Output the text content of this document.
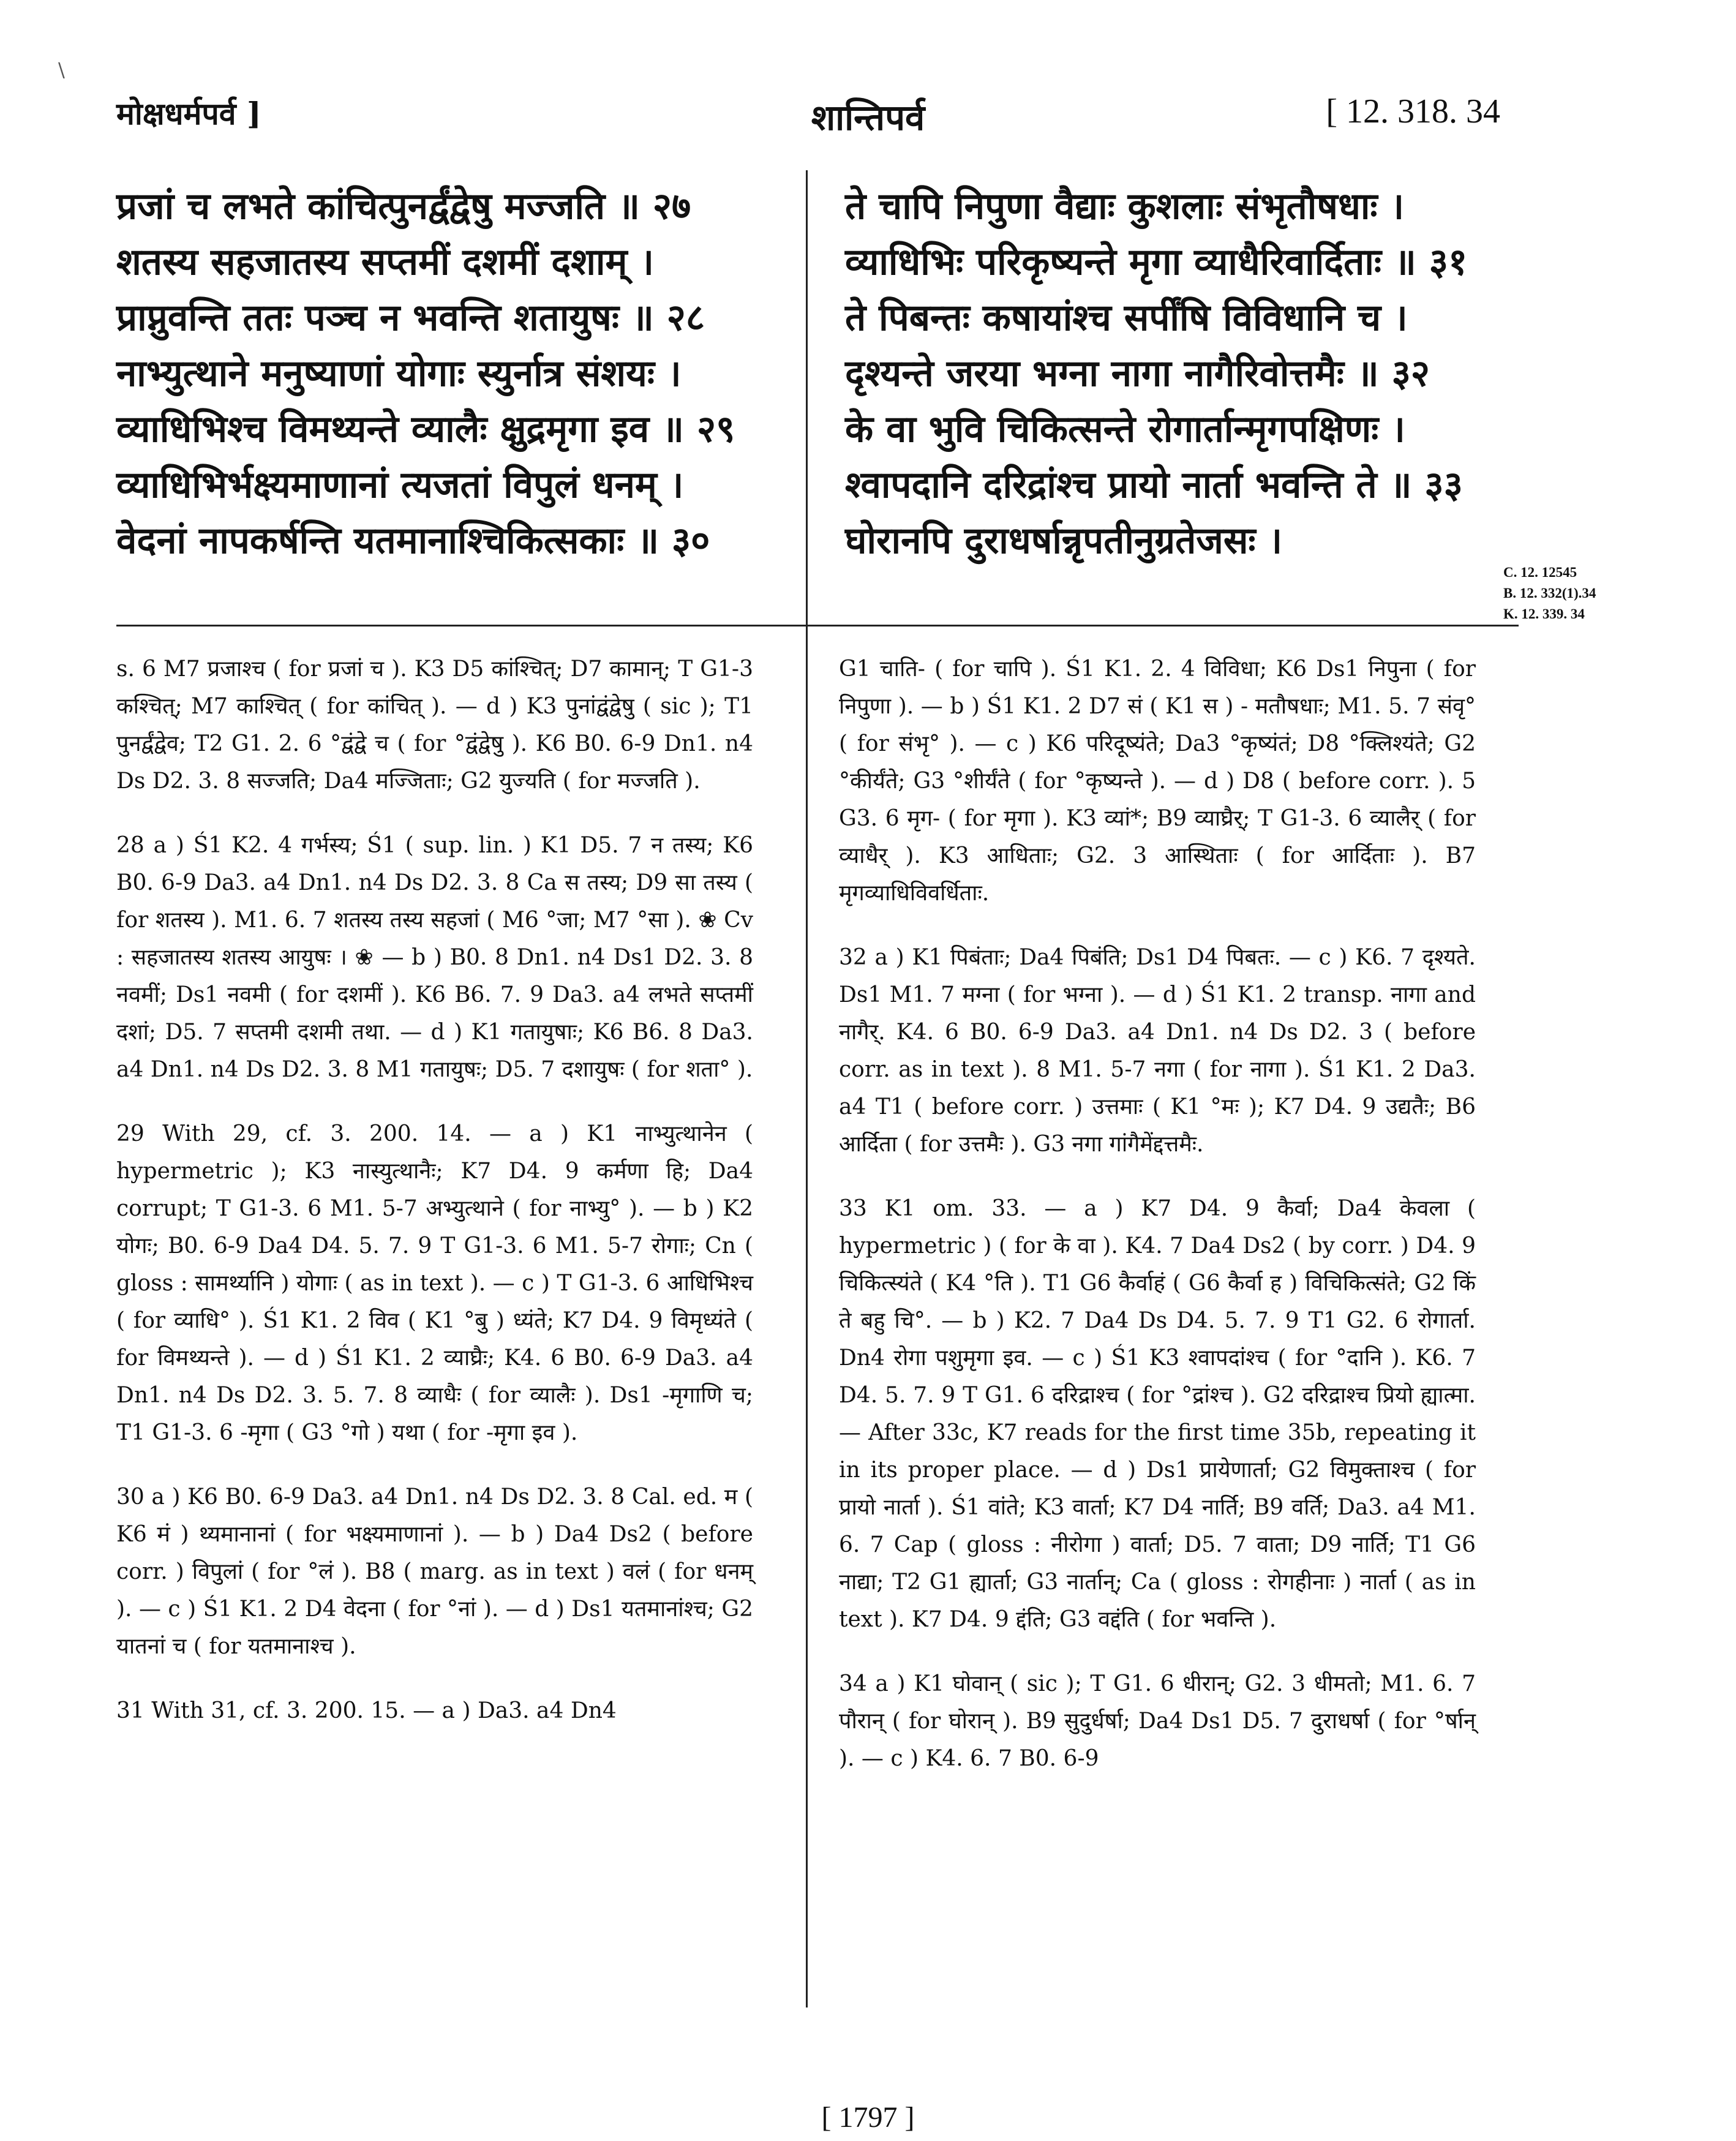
\
मोक्षधर्मपर्व ]	शान्तिपर्व	[ 12. 318. 34
प्रजां च लभते कांचित्पुनर्द्वंद्वेषु मज्जति ॥ २७
शतस्य सहजातस्य सप्तमीं दशमीं दशाम् ।
प्राप्नुवन्ति ततः पञ्च न भवन्ति शतायुषः ॥ २८
नाभ्युत्थाने मनुष्याणां योगाः स्युर्नात्र संशयः ।
व्याधिभिश्च विमथ्यन्ते व्यालैः क्षुद्रमृगा इव ॥ २९
व्याधिभिर्भक्ष्यमाणानां त्यजतां विपुलं धनम् ।
वेदनां नापकर्षन्ति यतमानाश्चिकित्सकाः ॥ ३०
ते चापि निपुणा वैद्याः कुशलाः संभृतौषधाः ।
व्याधिभिः परिकृष्यन्ते मृगा व्याधैरिवार्दिताः ॥ ३१
ते पिबन्तः कषायांश्च सर्पींषि विविधानि च ।
दृश्यन्ते जरया भग्ना नागा नागैरिवोत्तमैः ॥ ३२
के वा भुवि चिकित्सन्ते रोगार्तान्मृगपक्षिणः ।
श्वापदानि दरिद्रांश्च प्रायो नार्ता भवन्ति ते ॥ ३३
घोरानपि दुराधर्षान्नृपतीनुग्रतेजसः ।
C. 12. 12545
B. 12. 332(1).34
K. 12. 339. 34

s. 6 M7 प्रजाश्च ( for प्रजां च ). K3 D5 कांश्चित्; D7 कामान्; T G1-3 कश्चित्; M7 काश्चित् ( for कांचित् ). — d ) K3 पुनांद्वंद्वेषु ( sic ); T1 पुनर्द्वंद्वेव; T2 G1. 2. 6 °द्वंद्वे च ( for °द्वंद्वेषु ). K6 B0. 6-9 Dn1. n4 Ds D2. 3. 8 सज्जति; Da4 मज्जिताः; G2 युज्यति ( for मज्जति ).

28 a ) Ś1 K2. 4 गर्भस्य; Ś1 ( sup. lin. ) K1 D5. 7 न तस्य; K6 B0. 6-9 Da3. a4 Dn1. n4 Ds D2. 3. 8 Ca स तस्य; D9 सा तस्य ( for शतस्य ). M1. 6. 7 शतस्य तस्य सहजां ( M6 °जा; M7 °सा ). ❀ Cv : सहजातस्य शतस्य आयुषः । ❀ — b ) B0. 8 Dn1. n4 Ds1 D2. 3. 8 नवमीं; Ds1 नवमी ( for दशमीं ). K6 B6. 7. 9 Da3. a4 लभते सप्तमीं दशां; D5. 7 सप्तमी दशमी तथा. — d ) K1 गतायुषाः; K6 B6. 8 Da3. a4 Dn1. n4 Ds D2. 3. 8 M1 गतायुषः; D5. 7 दशायुषः ( for शता° ).

29 With 29, cf. 3. 200. 14. — a ) K1 नाभ्युत्थानेन ( hypermetric ); K3 नास्युत्थानैः; K7 D4. 9 कर्मणा हि; Da4 corrupt; T G1-3. 6 M1. 5-7 अभ्युत्थाने ( for नाभ्यु° ). — b ) K2 योगः; B0. 6-9 Da4 D4. 5. 7. 9 T G1-3. 6 M1. 5-7 रोगाः; Cn ( gloss : सामर्थ्यानि ) योगाः ( as in text ). — c ) T G1-3. 6 आधिभिश्च ( for व्याधि° ). Ś1 K1. 2 विव ( K1 °बु ) ध्यंते; K7 D4. 9 विमृध्यंते ( for विमथ्यन्ते ). — d ) Ś1 K1. 2 व्याघ्रैः; K4. 6 B0. 6-9 Da3. a4 Dn1. n4 Ds D2. 3. 5. 7. 8 व्याधैः ( for व्यालैः ). Ds1 -मृगाणि च; T1 G1-3. 6 -मृगा ( G3 °गो ) यथा ( for -मृगा इव ).

30 a ) K6 B0. 6-9 Da3. a4 Dn1. n4 Ds D2. 3. 8 Cal. ed. म ( K6 मं ) थ्यमानानां ( for भक्ष्यमाणानां ). — b ) Da4 Ds2 ( before corr. ) विपुलां ( for °लं ). B8 ( marg. as in text ) वलं ( for धनम् ). — c ) Ś1 K1. 2 D4 वेदना ( for °नां ). — d ) Ds1 यतमानांश्च; G2 यातनां च ( for यतमानाश्च ).

31 With 31, cf. 3. 200. 15. — a ) Da3. a4 Dn4

G1 चाति- ( for चापि ). Ś1 K1. 2. 4 विविधा; K6 Ds1 निपुना ( for निपुणा ). — b ) Ś1 K1. 2 D7 सं ( K1 स ) - मतौषधाः; M1. 5. 7 संवृ° ( for संभृ° ). — c ) K6 परिदूष्यंते; Da3 °कृष्यंतं; D8 °क्लिश्यंते; G2 °कीर्यंते; G3 °शीर्यंते ( for °कृष्यन्ते ). — d ) D8 ( before corr. ). 5 G3. 6 मृग- ( for मृगा ). K3 व्यां*; B9 व्याघ्रैर्; T G1-3. 6 व्यालैर् ( for व्याधैर् ). K3 आधिताः; G2. 3 आस्थिताः ( for आर्दिताः ). B7 मृगव्याधिविवर्धिताः.

32 a ) K1 पिबंताः; Da4 पिबंति; Ds1 D4 पिबतः. — c ) K6. 7 दृश्यते. Ds1 M1. 7 मग्ना ( for भग्ना ). — d ) Ś1 K1. 2 transp. नागा and नागैर्. K4. 6 B0. 6-9 Da3. a4 Dn1. n4 Ds D2. 3 ( before corr. as in text ). 8 M1. 5-7 नगा ( for नागा ). Ś1 K1. 2 Da3. a4 T1 ( before corr. ) उत्तमाः ( K1 °मः ); K7 D4. 9 उद्यतैः; B6 आर्दिता ( for उत्तमैः ). G3 नगा गांगैमेंद्दत्तमैः.

33 K1 om. 33. — a ) K7 D4. 9 कैर्वा; Da4 केवला ( hypermetric ) ( for के वा ). K4. 7 Da4 Ds2 ( by corr. ) D4. 9 चिकित्स्यंते ( K4 °ति ). T1 G6 कैर्वाहं ( G6 कैर्वा ह ) विचिकित्संते; G2 किं ते बहु चि°. — b ) K2. 7 Da4 Ds D4. 5. 7. 9 T1 G2. 6 रोगार्ता. Dn4 रोगा पशुमृगा इव. — c ) Ś1 K3 श्वापदांश्च ( for °दानि ). K6. 7 D4. 5. 7. 9 T G1. 6 दरिद्राश्च ( for °द्रांश्च ). G2 दरिद्राश्च प्रियो ह्यात्मा. — After 33c, K7 reads for the first time 35b, repeating it in its proper place. — d ) Ds1 प्रायेणार्ता; G2 विमुक्ताश्च ( for प्रायो नार्ता ). Ś1 वांते; K3 वार्ता; K7 D4 नार्ति; B9 वर्ति; Da3. a4 M1. 6. 7 Cap ( gloss : नीरोगा ) वार्ता; D5. 7 वाता; D9 नार्ति; T1 G6 नाद्या; T2 G1 ह्यार्ता; G3 नार्तान्; Ca ( gloss : रोगहीनाः ) नार्ता ( as in text ). K7 D4. 9 द्दंति; G3 वद्दंति ( for भवन्ति ).

34 a ) K1 घोवान् ( sic ); T G1. 6 धीरान्; G2. 3 धीमतो; M1. 6. 7 पौरान् ( for घोरान् ). B9 सुदुर्धर्षा; Da4 Ds1 D5. 7 दुराधर्षा ( for °र्षान् ). — c ) K4. 6. 7 B0. 6-9

[ 1797 ]
